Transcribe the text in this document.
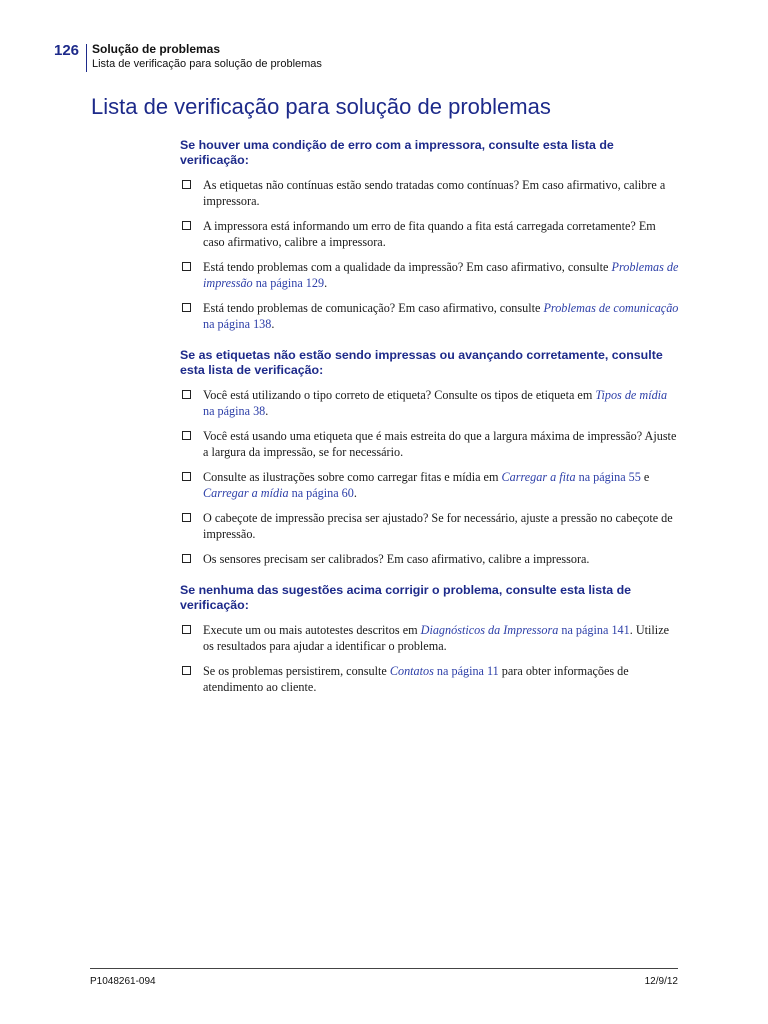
126 Solução de problemas
Lista de verificação para solução de problemas
Lista de verificação para solução de problemas

Se houver uma condição de erro com a impressora, consulte esta lista de verificação:

As etiquetas não contínuas estão sendo tratadas como contínuas? Em caso afirmativo, calibre a impressora.
A impressora está informando um erro de fita quando a fita está carregada corretamente? Em caso afirmativo, calibre a impressora.
Está tendo problemas com a qualidade da impressão? Em caso afirmativo, consulte Problemas de impressão na página 129.
Está tendo problemas de comunicação? Em caso afirmativo, consulte Problemas de comunicação na página 138.

Se as etiquetas não estão sendo impressas ou avançando corretamente, consulte esta lista de verificação:

Você está utilizando o tipo correto de etiqueta? Consulte os tipos de etiqueta em Tipos de mídia na página 38.
Você está usando uma etiqueta que é mais estreita do que a largura máxima de impressão? Ajuste a largura da impressão, se for necessário.
Consulte as ilustrações sobre como carregar fitas e mídia em Carregar a fita na página 55 e Carregar a mídia na página 60.
O cabeçote de impressão precisa ser ajustado? Se for necessário, ajuste a pressão no cabeçote de impressão.
Os sensores precisam ser calibrados? Em caso afirmativo, calibre a impressora.

Se nenhuma das sugestões acima corrigir o problema, consulte esta lista de verificação:

Execute um ou mais autotestes descritos em Diagnósticos da Impressora na página 141. Utilize os resultados para ajudar a identificar o problema.
Se os problemas persistirem, consulte Contatos na página 11 para obter informações de atendimento ao cliente.
P1048261-094	12/9/12
